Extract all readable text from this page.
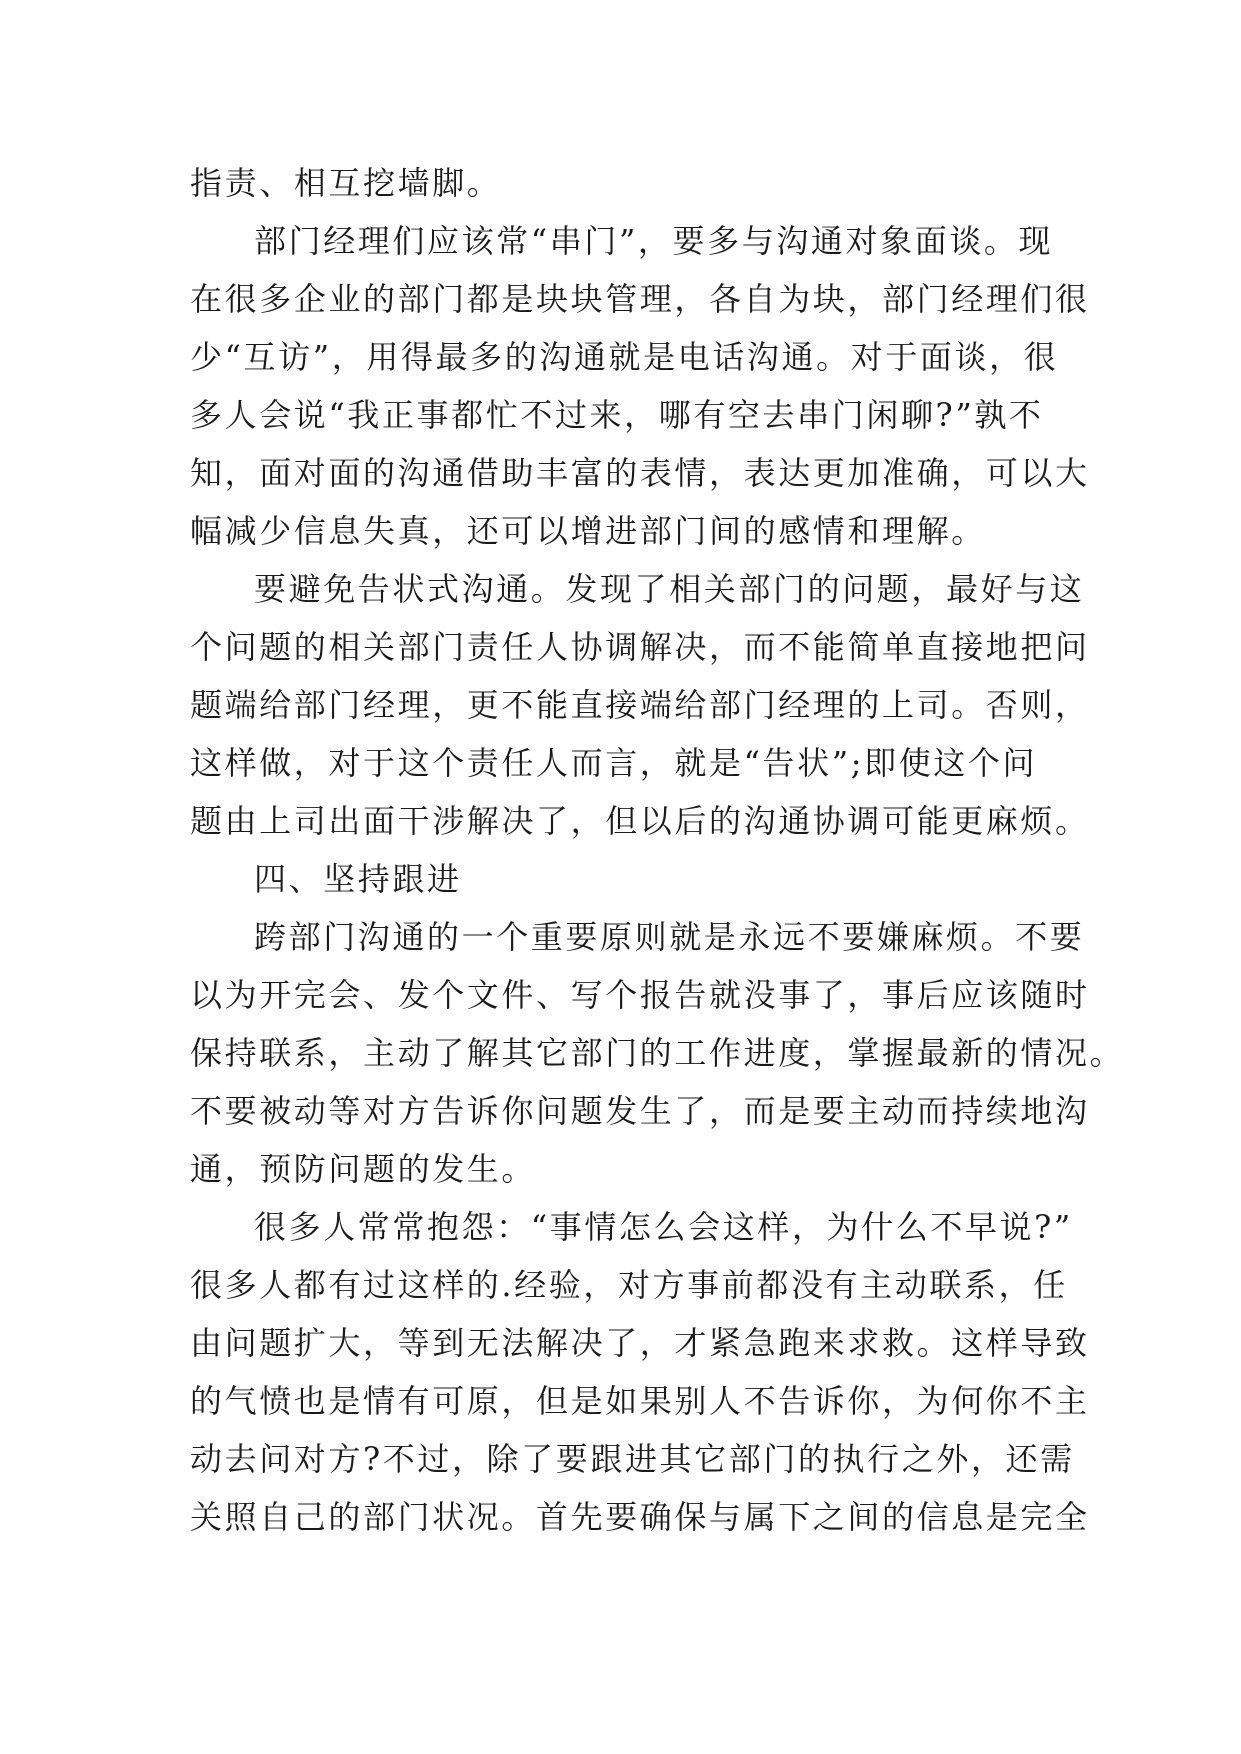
指责、相互挖墙脚。
部门经理们应该常“串门”，要多与沟通对象面谈。现
在很多企业的部门都是块块管理，各自为块，部门经理们很
少“互访”，用得最多的沟通就是电话沟通。对于面谈，很
多人会说“我正事都忙不过来，哪有空去串门闲聊?”孰不
知，面对面的沟通借助丰富的表情，表达更加准确，可以大
幅减少信息失真，还可以增进部门间的感情和理解。
要避免告状式沟通。发现了相关部门的问题，最好与这
个问题的相关部门责任人协调解决，而不能简单直接地把问
题端给部门经理，更不能直接端给部门经理的上司。否则，
这样做，对于这个责任人而言，就是“告状”;即使这个问
题由上司出面干涉解决了，但以后的沟通协调可能更麻烦。
四、坚持跟进
跨部门沟通的一个重要原则就是永远不要嫌麻烦。不要
以为开完会、发个文件、写个报告就没事了，事后应该随时
保持联系，主动了解其它部门的工作进度，掌握最新的情况。
不要被动等对方告诉你问题发生了，而是要主动而持续地沟
通，预防问题的发生。
很多人常常抱怨：“事情怎么会这样，为什么不早说?”
很多人都有过这样的.经验，对方事前都没有主动联系，任
由问题扩大，等到无法解决了，才紧急跑来求救。这样导致
的气愤也是情有可原，但是如果别人不告诉你，为何你不主
动去问对方?不过，除了要跟进其它部门的执行之外，还需
关照自己的部门状况。首先要确保与属下之间的信息是完全
